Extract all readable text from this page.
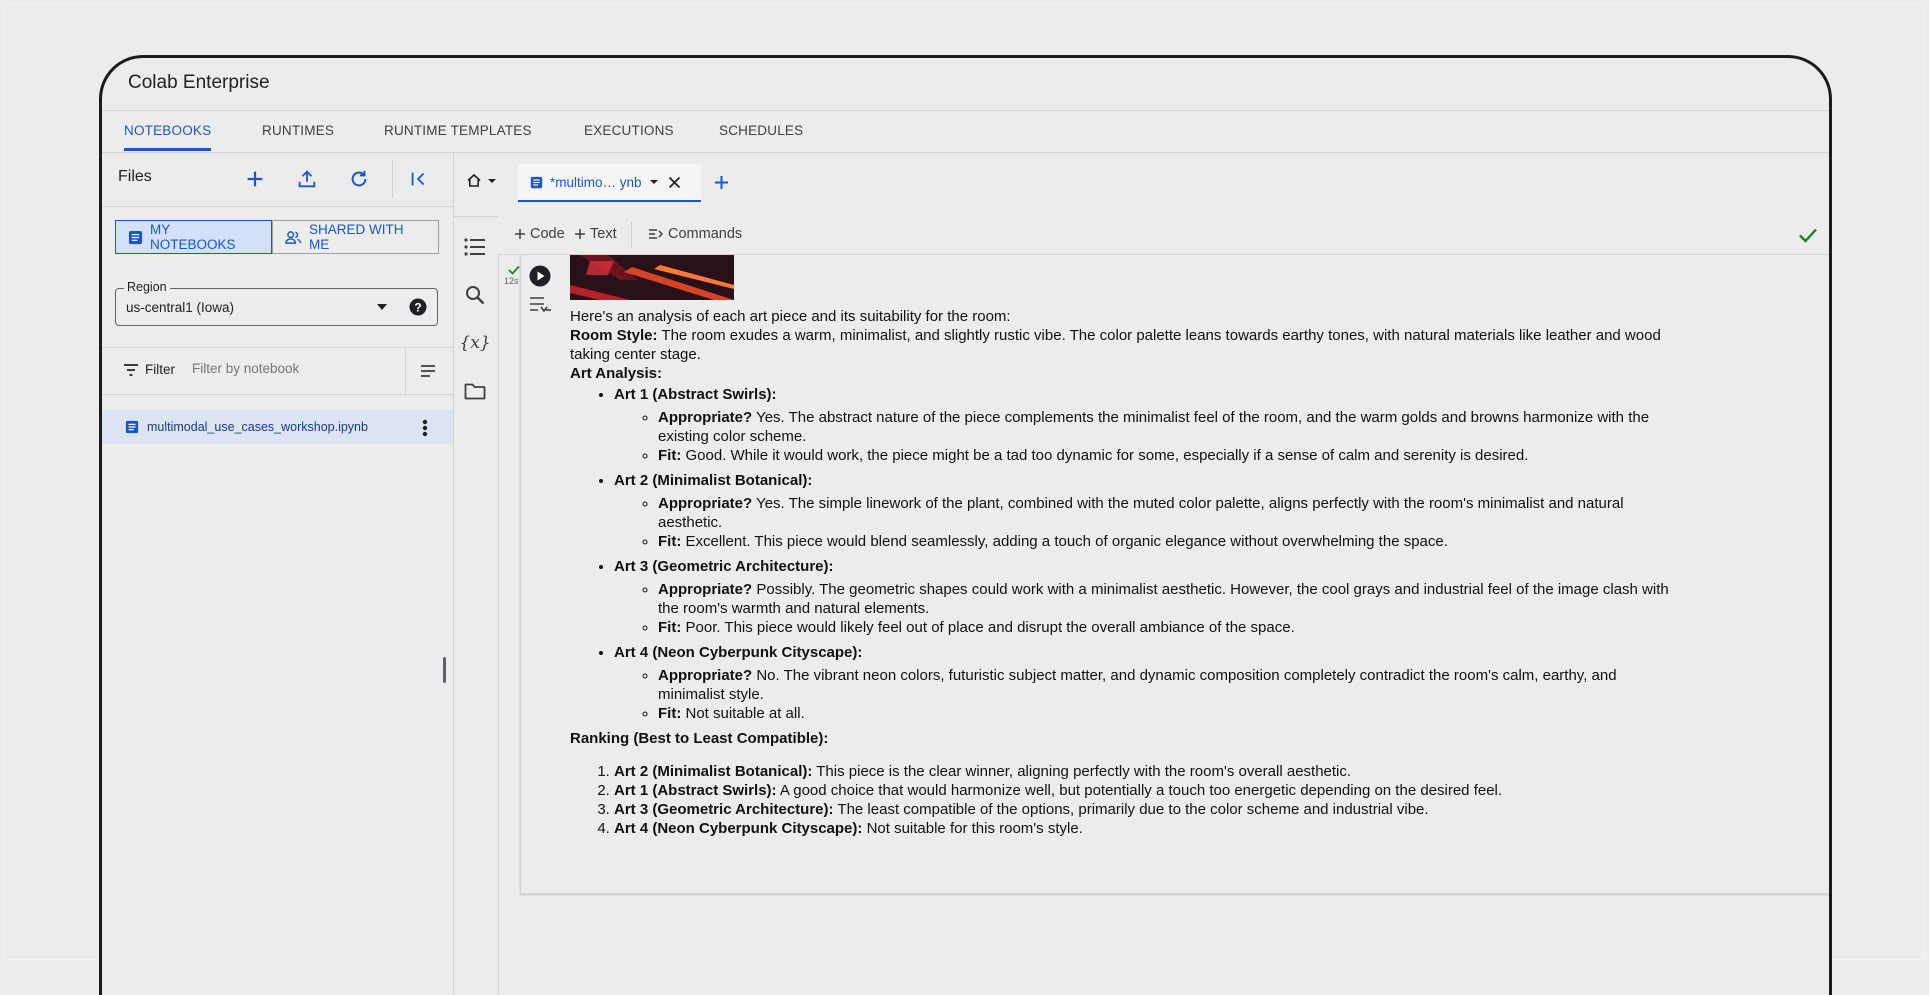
Colab Enterprise
NOTEBOOKS	RUNTIMES	RUNTIME TEMPLATES	EXECUTIONS	SCHEDULES
Files
MY NOTEBOOKS
SHARED WITH ME
Region
us-central1 (Iowa)	?
Filter
Filter by notebook
multimodal_use_cases_workshop.ipynb
*multimo… ynb
{x}
Code Text	Commands
12s

Here's an analysis of each art piece and its suitability for the room:

Room Style: The room exudes a warm, minimalist, and slightly rustic vibe. The color palette leans towards earthy tones, with natural materials like leather and wood taking center stage.

Art Analysis:

• Art 1 (Abstract Swirls):
◦ Appropriate? Yes. The abstract nature of the piece complements the minimalist feel of the room, and the warm golds and browns harmonize with the existing color scheme.
◦ Fit: Good. While it would work, the piece might be a tad too dynamic for some, especially if a sense of calm and serenity is desired.
• Art 2 (Minimalist Botanical):
◦ Appropriate? Yes. The simple linework of the plant, combined with the muted color palette, aligns perfectly with the room's minimalist and natural aesthetic.
◦ Fit: Excellent. This piece would blend seamlessly, adding a touch of organic elegance without overwhelming the space.
• Art 3 (Geometric Architecture):
◦ Appropriate? Possibly. The geometric shapes could work with a minimalist aesthetic. However, the cool grays and industrial feel of the image clash with the room's warmth and natural elements.
◦ Fit: Poor. This piece would likely feel out of place and disrupt the overall ambiance of the space.
• Art 4 (Neon Cyberpunk Cityscape):
◦ Appropriate? No. The vibrant neon colors, futuristic subject matter, and dynamic composition completely contradict the room's calm, earthy, and minimalist style.
◦ Fit: Not suitable at all.

Ranking (Best to Least Compatible):

1. Art 2 (Minimalist Botanical): This piece is the clear winner, aligning perfectly with the room's overall aesthetic.
2. Art 1 (Abstract Swirls): A good choice that would harmonize well, but potentially a touch too energetic depending on the desired feel.
3. Art 3 (Geometric Architecture): The least compatible of the options, primarily due to the color scheme and industrial vibe.
4. Art 4 (Neon Cyberpunk Cityscape): Not suitable for this room's style.
